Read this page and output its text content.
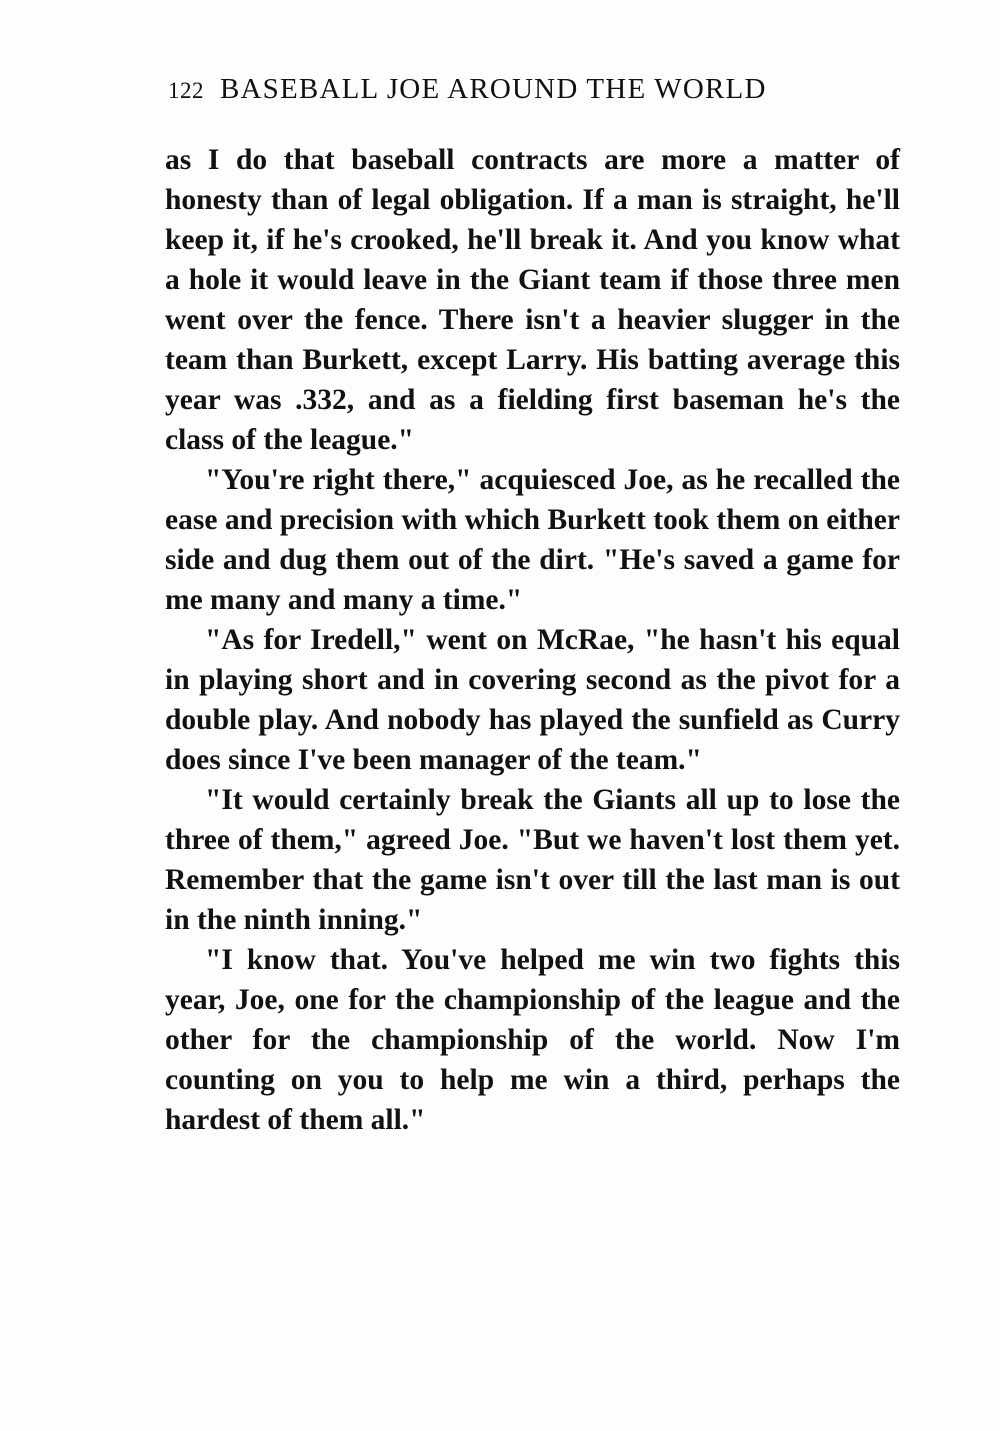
122 BASEBALL JOE AROUND THE WORLD

as I do that baseball contracts are more a matter of honesty than of legal obligation. If a man is straight, he'll keep it, if he's crooked, he'll break it. And you know what a hole it would leave in the Giant team if those three men went over the fence. There isn't a heavier slugger in the team than Burkett, except Larry. His batting average this year was .332, and as a fielding first baseman he's the class of the league."

"You're right there," acquiesced Joe, as he recalled the ease and precision with which Burkett took them on either side and dug them out of the dirt. "He's saved a game for me many and many a time."

"As for Iredell," went on McRae, "he hasn't his equal in playing short and in covering second as the pivot for a double play. And nobody has played the sunfield as Curry does since I've been manager of the team."

"It would certainly break the Giants all up to lose the three of them," agreed Joe. "But we haven't lost them yet. Remember that the game isn't over till the last man is out in the ninth inning."

"I know that. You've helped me win two fights this year, Joe, one for the championship of the league and the other for the championship of the world. Now I'm counting on you to help me win a third, perhaps the hardest of them all."
